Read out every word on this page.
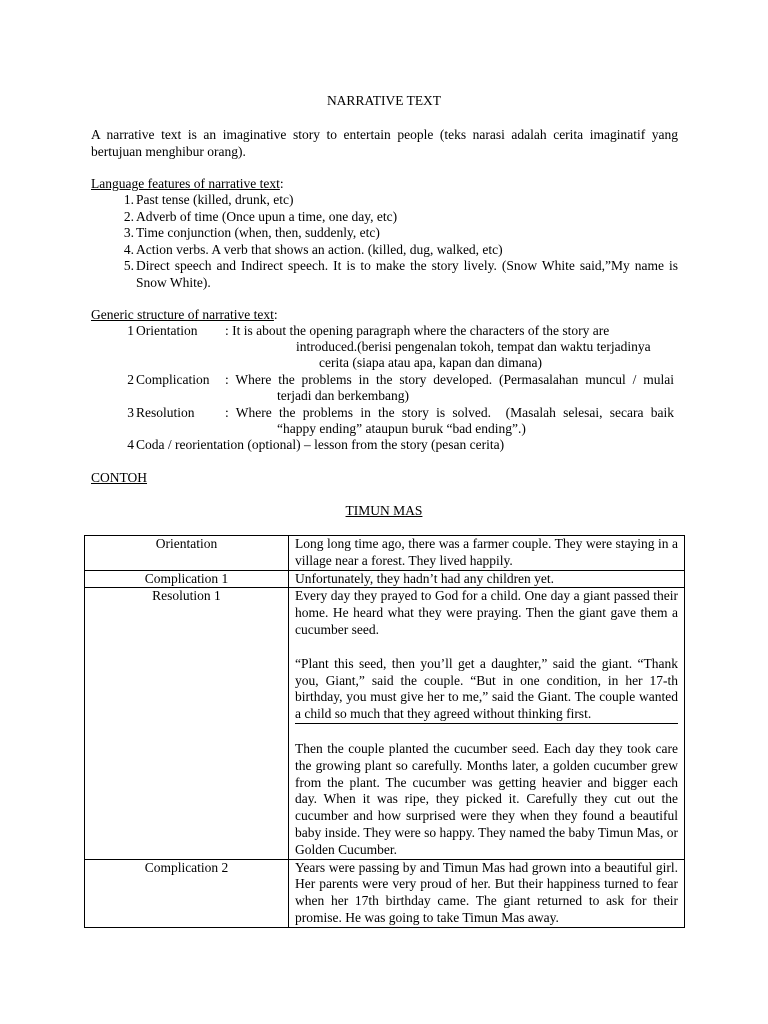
NARRATIVE TEXT
A narrative text is an imaginative story to entertain people (teks narasi adalah cerita imaginatif yang bertujuan menghibur orang).
Language features of narrative text:
1 . Past tense (killed, drunk, etc)
2 . Adverb of time (Once upun a time, one day, etc)
3 . Time conjunction (when, then, suddenly, etc)
4 . Action verbs. A verb that shows an action. (killed, dug, walked, etc)
5 . Direct speech and Indirect speech. It is to make the story lively. (Snow White said,”My name is Snow White).
Generic structure of narrative text:
1 Orientation : It is about the opening paragraph where the characters of the story are
introduced.(berisi pengenalan tokoh, tempat dan waktu terjadinya
cerita (siapa atau apa, kapan dan dimana)
2 Complication : Where the problems in the story developed. (Permasalahan muncul / mulai
terjadi dan berkembang)
3 Resolution : Where the problems in the story is solved.  (Masalah selesai, secara baik
“happy ending” ataupun buruk “bad ending”.)
4 Coda / reorientation (optional) – lesson from the story (pesan cerita)
CONTOH
TIMUN MAS
Orientation	Long long time ago, there was a farmer couple. They were staying in a village near a forest. They lived happily.

Complication 1	Unfortunately, they hadn’t had any children yet.

Resolution 1	Every day they prayed to God for a child. One day a giant passed their home. He heard what they were praying. Then the giant gave them a cucumber seed.
“Plant this seed, then you’ll get a daughter,” said the giant. “Thank you, Giant,” said the couple. “But in one condition, in her 17-th birthday, you must give her to me,” said the Giant. The couple wanted a child so much that they agreed without thinking first.
Then the couple planted the cucumber seed. Each day they took care the growing plant so carefully. Months later, a golden cucumber grew from the plant. The cucumber was getting heavier and bigger each day. When it was ripe, they picked it. Carefully they cut out the cucumber and how surprised were they when they found a beautiful baby inside. They were so happy. They named the baby Timun Mas, or Golden Cucumber.

Complication 2	Years were passing by and Timun Mas had grown into a beautiful girl. Her parents were very proud of her. But their happiness turned to fear when her 17th birthday came. The giant returned to ask for their promise. He was going to take Timun Mas away.
